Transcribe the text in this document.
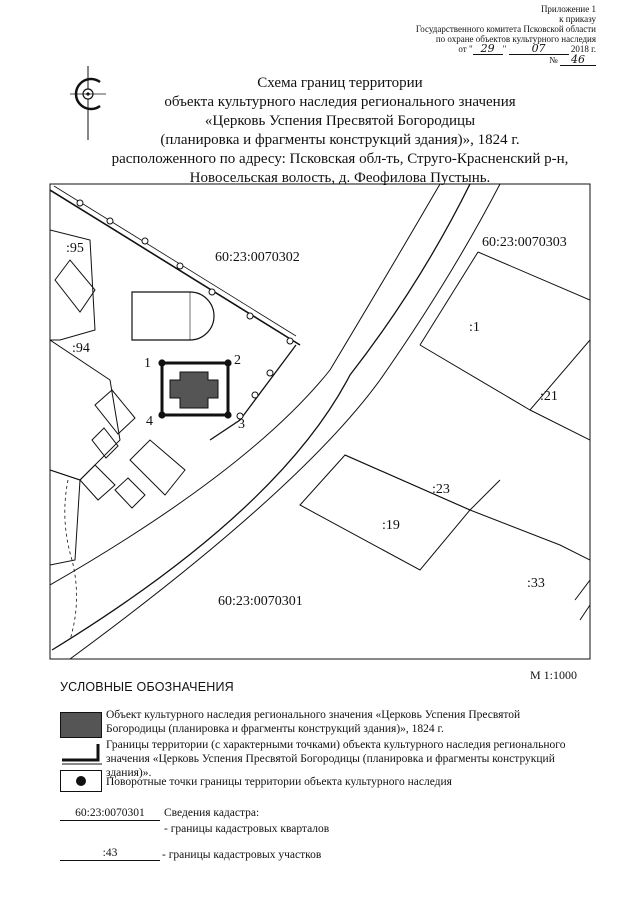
Приложение 1
к приказу
Государственного комитета Псковской области
по охране объектов культурного наследия
от " 29 " 07	2018 г.
№ 46
Схема границ территории
объекта культурного наследия регионального значения
«Церковь Успения Пресвятой Богородицы
(планировка и фрагменты конструкций здания)», 1824 г.
расположенного по адресу: Псковская обл-ть, Струго-Красненский р-н,
Новосельская волость, д. Феофилова Пустынь.
:95
:94
60:23:0070302
60:23:0070303
60:23:0070301
:1
:21
:23
:19
:33
1	2
3
4
М 1:1000
УСЛОВНЫЕ ОБОЗНАЧЕНИЯ
Объект культурного наследия регионального значения «Церковь Успения Пресвятой
Богородицы (планировка и фрагменты конструкций здания)», 1824 г.
Границы территории (с характерными точками) объекта культурного наследия регионального
значения «Церковь Успения Пресвятой Богородицы (планировка и фрагменты конструкций
здания)».
Поворотные точки границы территории объекта культурного наследия
60:23:0070301	Сведения кадастра:
- границы кадастровых кварталов
:43	- границы кадастровых участков
